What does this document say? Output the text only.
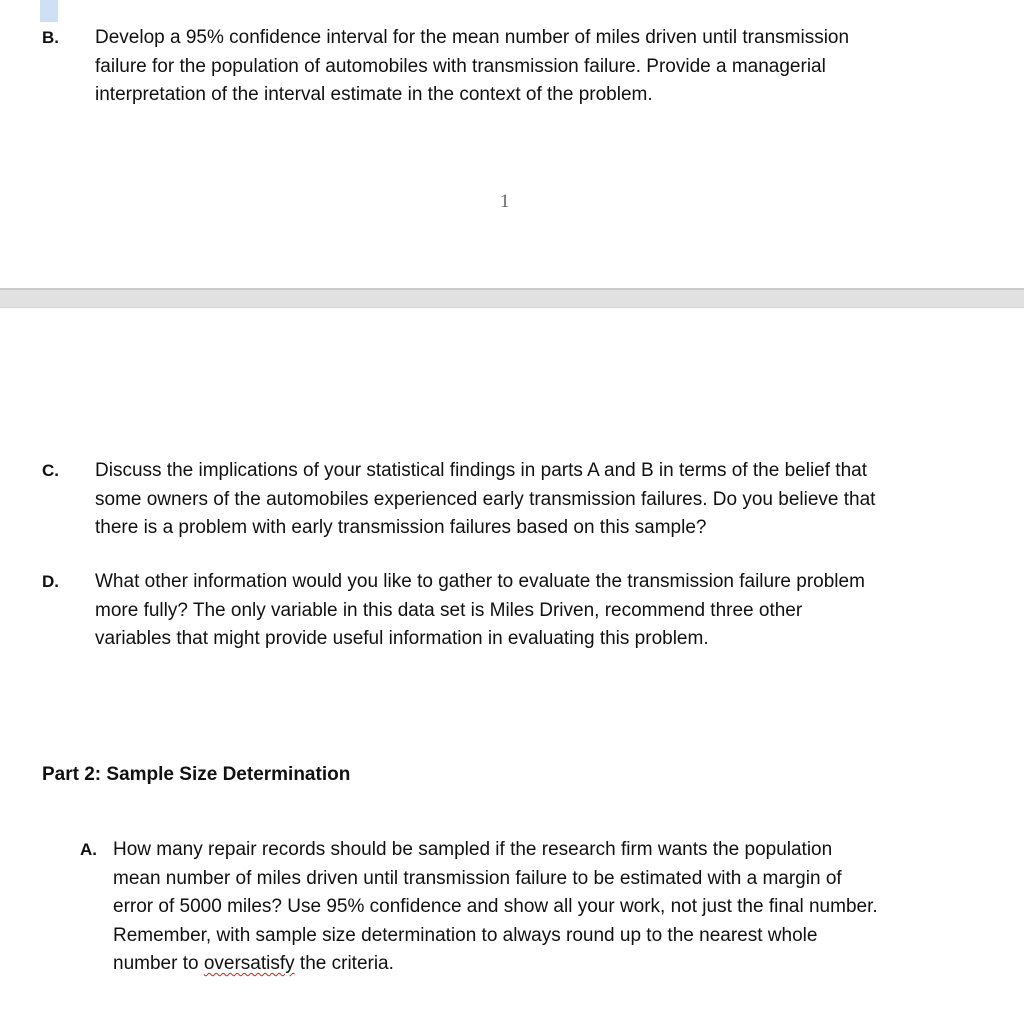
B. Develop a 95% confidence interval for the mean number of miles driven until transmission
failure for the population of automobiles with transmission failure. Provide a managerial
interpretation of the interval estimate in the context of the problem.
1
C. Discuss the implications of your statistical findings in parts A and B in terms of the belief that
some owners of the automobiles experienced early transmission failures. Do you believe that
there is a problem with early transmission failures based on this sample?
D. What other information would you like to gather to evaluate the transmission failure problem
more fully? The only variable in this data set is Miles Driven, recommend three other
variables that might provide useful information in evaluating this problem.
Part 2: Sample Size Determination
A. How many repair records should be sampled if the research firm wants the population
mean number of miles driven until transmission failure to be estimated with a margin of
error of 5000 miles? Use 95% confidence and show all your work, not just the final number.
Remember, with sample size determination to always round up to the nearest whole
number to oversatisfy the criteria.
